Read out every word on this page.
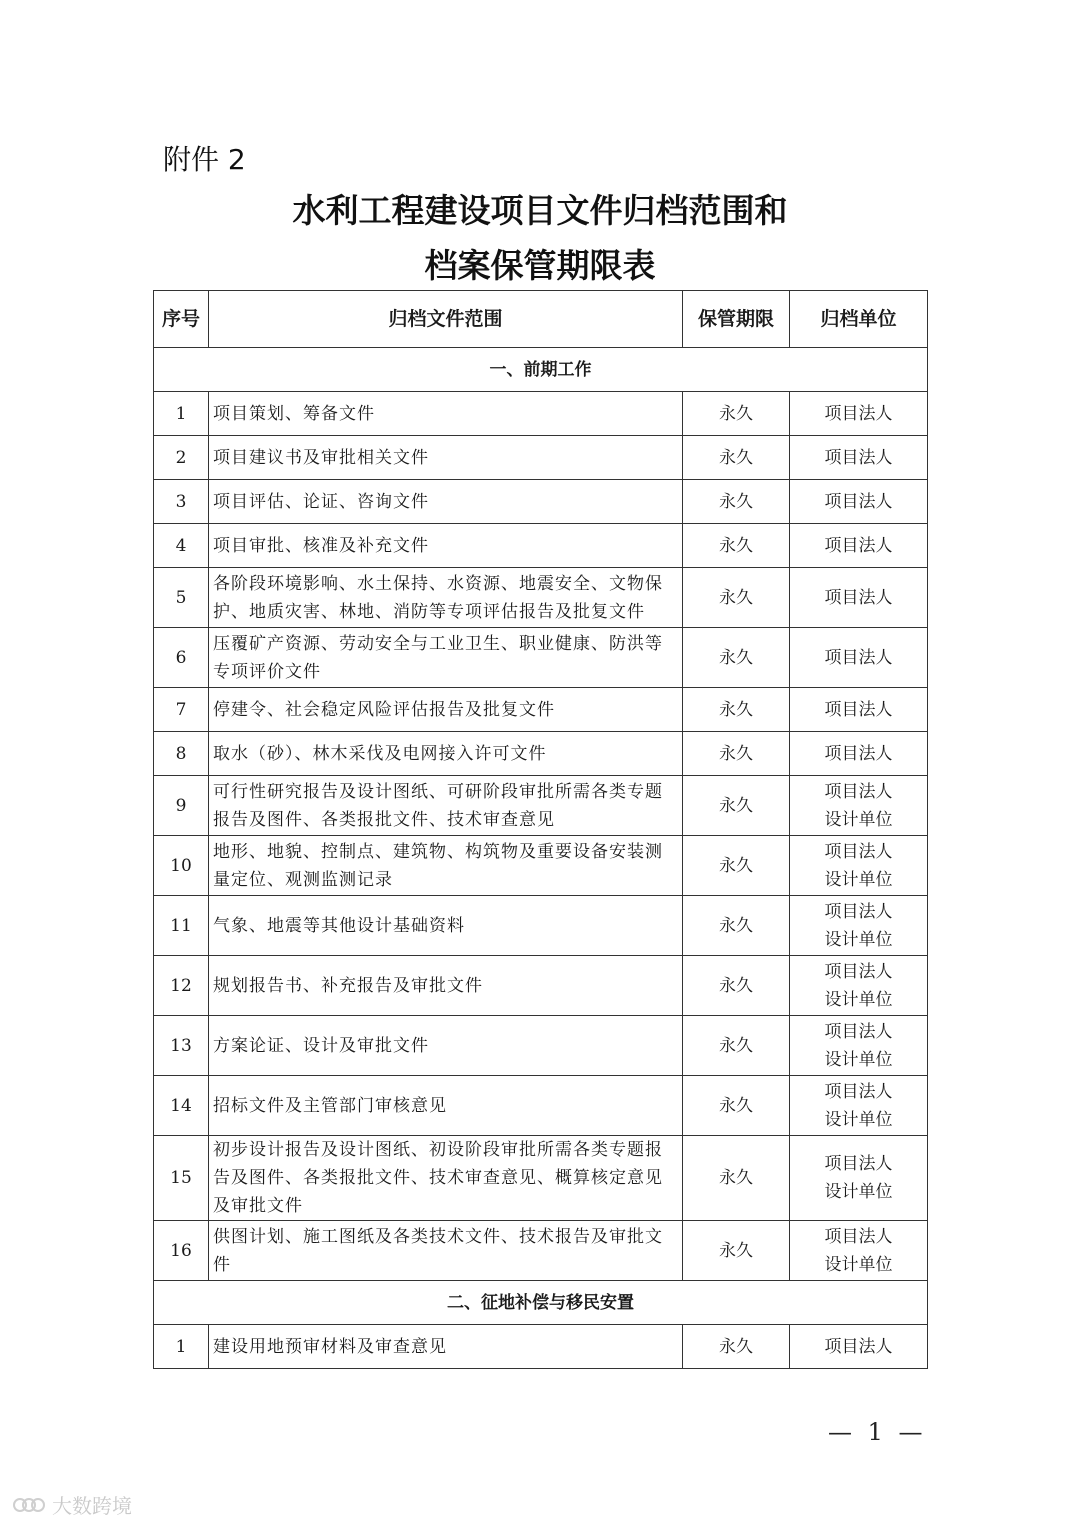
附件 2
水利工程建设项目文件归档范围和
档案保管期限表
序号	归档文件范围	保管期限	归档单位
一、前期工作			
1	项目策划、筹备文件	永久	项目法人

2	项目建议书及审批相关文件	永久	项目法人

3	项目评估、论证、咨询文件	永久	项目法人

4	项目审批、核准及补充文件	永久	项目法人

5	各阶段环境影响、水土保持、水资源、地震安全、文物保护、地质灾害、林地、消防等专项评估报告及批复文件	永久	项目法人

6	压覆矿产资源、劳动安全与工业卫生、职业健康、防洪等专项评价文件	永久	项目法人

7	停建令、社会稳定风险评估报告及批复文件	永久	项目法人

8	取水（砂）、林木采伐及电网接入许可文件	永久	项目法人

9	可行性研究报告及设计图纸、可研阶段审批所需各类专题报告及图件、各类报批文件、技术审查意见	永久	项目法人
设计单位

10	地形、地貌、控制点、建筑物、构筑物及重要设备安装测量定位、观测监测记录	永久	项目法人
设计单位

11	气象、地震等其他设计基础资料	永久	项目法人
设计单位

12	规划报告书、补充报告及审批文件	永久	项目法人
设计单位

13	方案论证、设计及审批文件	永久	项目法人
设计单位

14	招标文件及主管部门审核意见	永久	项目法人
设计单位

15	初步设计报告及设计图纸、初设阶段审批所需各类专题报告及图件、各类报批文件、技术审查意见、概算核定意见及审批文件	永久	项目法人
设计单位

16	供图计划、施工图纸及各类技术文件、技术报告及审批文件	永久	项目法人
设计单位

二、征地补偿与移民安置			
1	建设用地预审材料及审查意见	永久	项目法人
— 1 —
大数跨境
